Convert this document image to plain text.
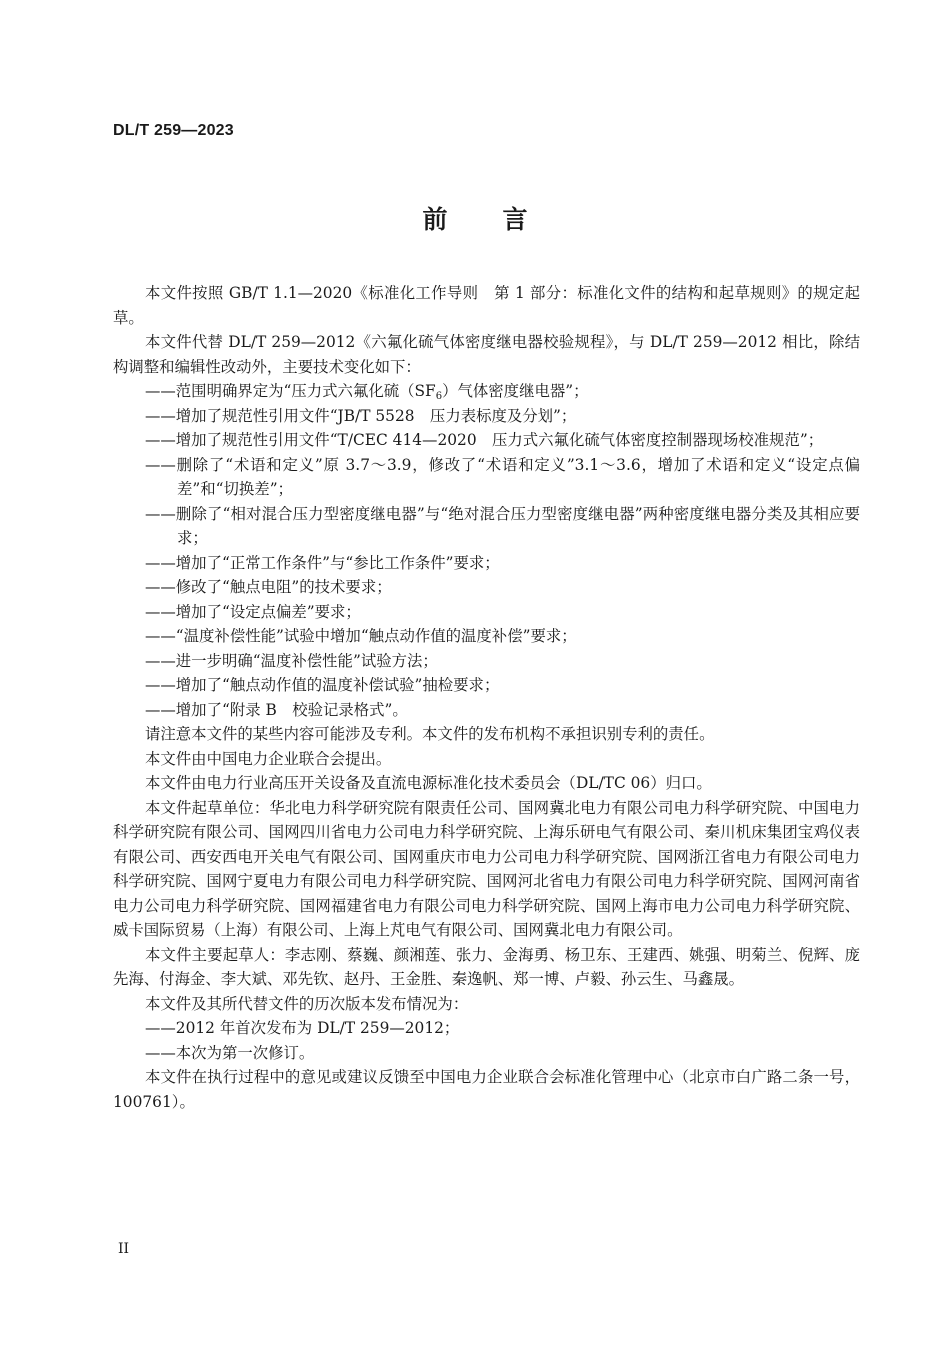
DL/T 259—2023
前言

本文件按照 GB/T 1.1—2020《标准化工作导则　第 1 部分：标准化文件的结构和起草规则》的规定起草。

本文件代替 DL/T 259—2012《六氟化硫气体密度继电器校验规程》，与 DL/T 259—2012 相比，除结构调整和编辑性改动外，主要技术变化如下：

——范围明确界定为“压力式六氟化硫$(SF_6)$气体密度继电器”；

——增加了规范性引用文件“JB/T 5528　压力表标度及分划”；

——增加了规范性引用文件“T/CEC 414—2020　压力式六氟化硫气体密度控制器现场校准规范”；

——删除了“术语和定义”原 3.7～3.9，修改了“术语和定义”3.1～3.6，增加了术语和定义“设定点偏差”和“切换差”；

——删除了“相对混合压力型密度继电器”与“绝对混合压力型密度继电器”两种密度继电器分类及其相应要求；

——增加了“正常工作条件”与“参比工作条件”要求；

——修改了“触点电阻”的技术要求；

——增加了“设定点偏差”要求；

——“温度补偿性能”试验中增加“触点动作值的温度补偿”要求；

——进一步明确“温度补偿性能”试验方法；

——增加了“触点动作值的温度补偿试验”抽检要求；

——增加了“附录 B　校验记录格式”。

请注意本文件的某些内容可能涉及专利。本文件的发布机构不承担识别专利的责任。

本文件由中国电力企业联合会提出。

本文件由电力行业高压开关设备及直流电源标准化技术委员会（DL/TC 06）归口。

本文件起草单位：华北电力科学研究院有限责任公司、国网冀北电力有限公司电力科学研究院、中国电力科学研究院有限公司、国网四川省电力公司电力科学研究院、上海乐研电气有限公司、秦川机床集团宝鸡仪表有限公司、西安西电开关电气有限公司、国网重庆市电力公司电力科学研究院、国网浙江省电力有限公司电力科学研究院、国网宁夏电力有限公司电力科学研究院、国网河北省电力有限公司电力科学研究院、国网河南省电力公司电力科学研究院、国网福建省电力有限公司电力科学研究院、国网上海市电力公司电力科学研究院、威卡国际贸易（上海）有限公司、上海上芃电气有限公司、国网冀北电力有限公司。

本文件主要起草人：李志刚、蔡巍、颜湘莲、张力、金海勇、杨卫东、王建西、姚强、明菊兰、倪辉、庞先海、付海金、李大斌、邓先钦、赵丹、王金胜、秦逸帆、郑一博、卢毅、孙云生、马鑫晟。

本文件及其所代替文件的历次版本发布情况为：

——2012 年首次发布为 DL/T 259—2012；

——本次为第一次修订。

本文件在执行过程中的意见或建议反馈至中国电力企业联合会标准化管理中心（北京市白广路二条一号，100761）。

II
